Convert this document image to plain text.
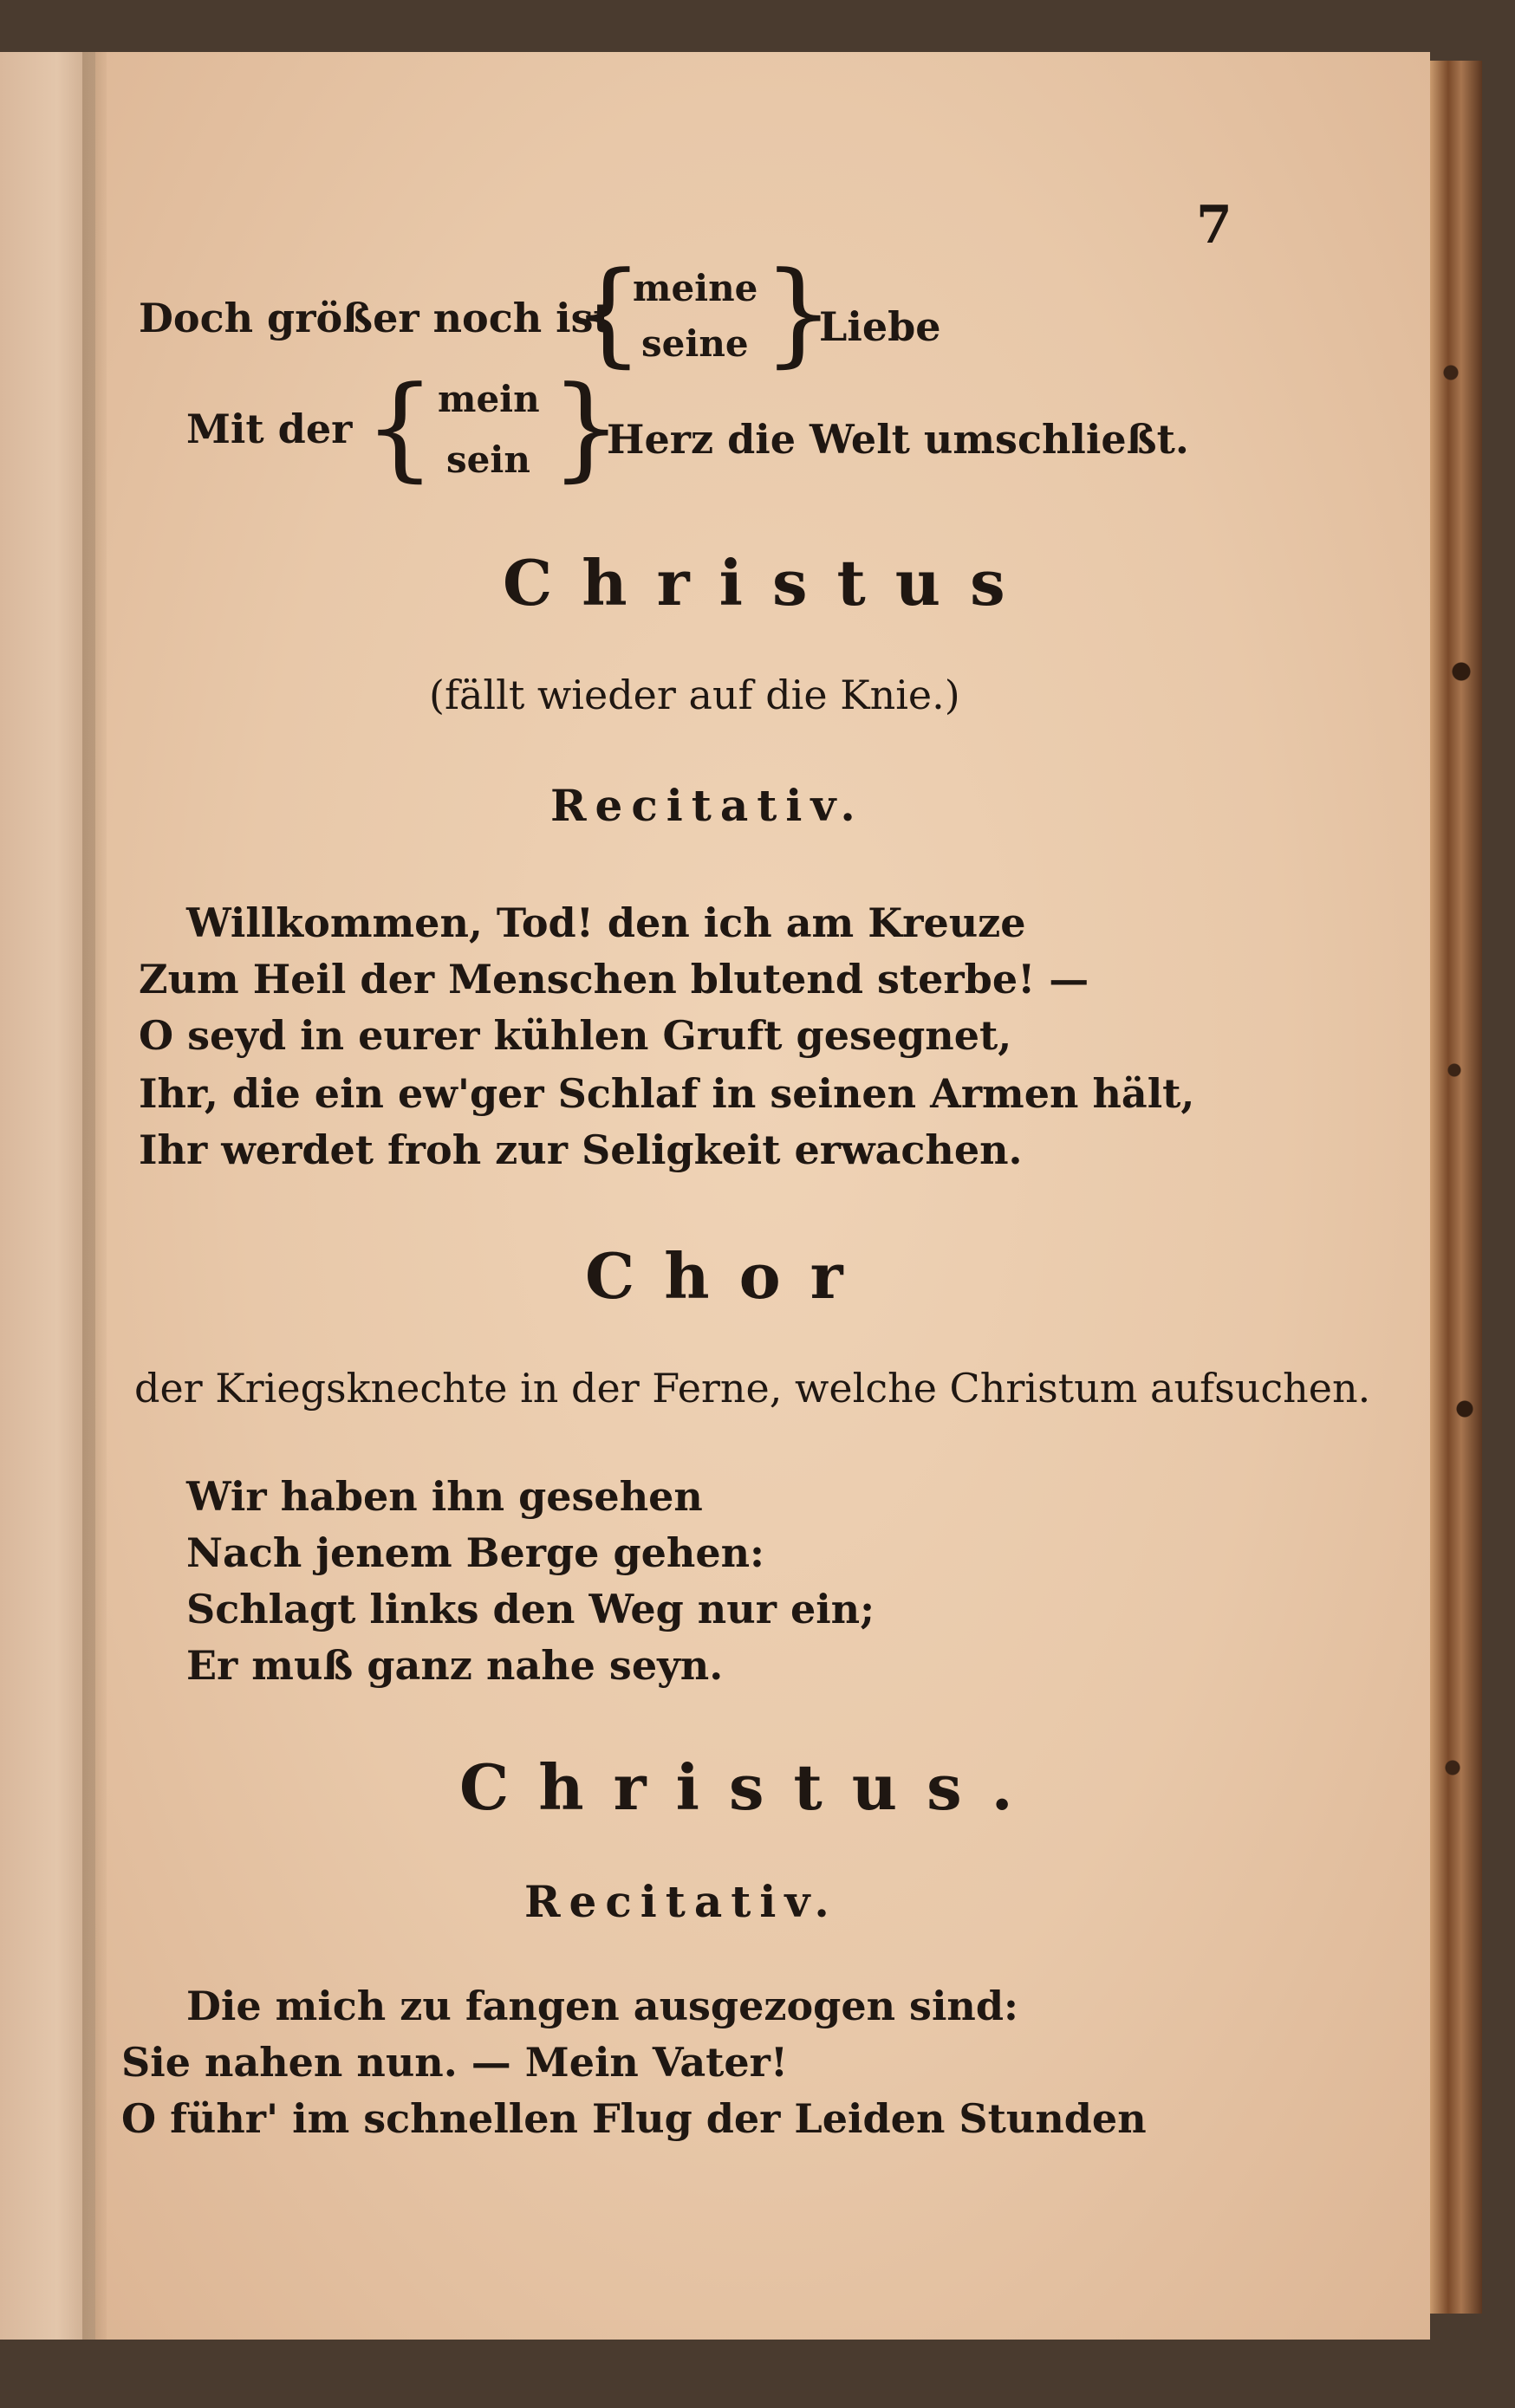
7
Doch größer noch ist
{
meine
seine }
Liebe
Mit der { mein
sein }
Herz die Welt umschließt.
Christus
(fällt wieder auf die Knie.)
Recitativ.
Willkommen, Tod! den ich am Kreuze
Zum Heil der Menschen blutend sterbe! —
O seyd in eurer kühlen Gruft gesegnet,
Ihr, die ein ew'ger Schlaf in seinen Armen hält,
Ihr werdet froh zur Seligkeit erwachen.
Chor
der Kriegsknechte in der Ferne, welche Christum aufsuchen.
Wir haben ihn gesehen
Nach jenem Berge gehen:
Schlagt links den Weg nur ein;
Er muß ganz nahe seyn.
Christus.
Recitativ.
Die mich zu fangen ausgezogen sind:
Sie nahen nun. — Mein Vater!
O führ' im schnellen Flug der Leiden Stunden
